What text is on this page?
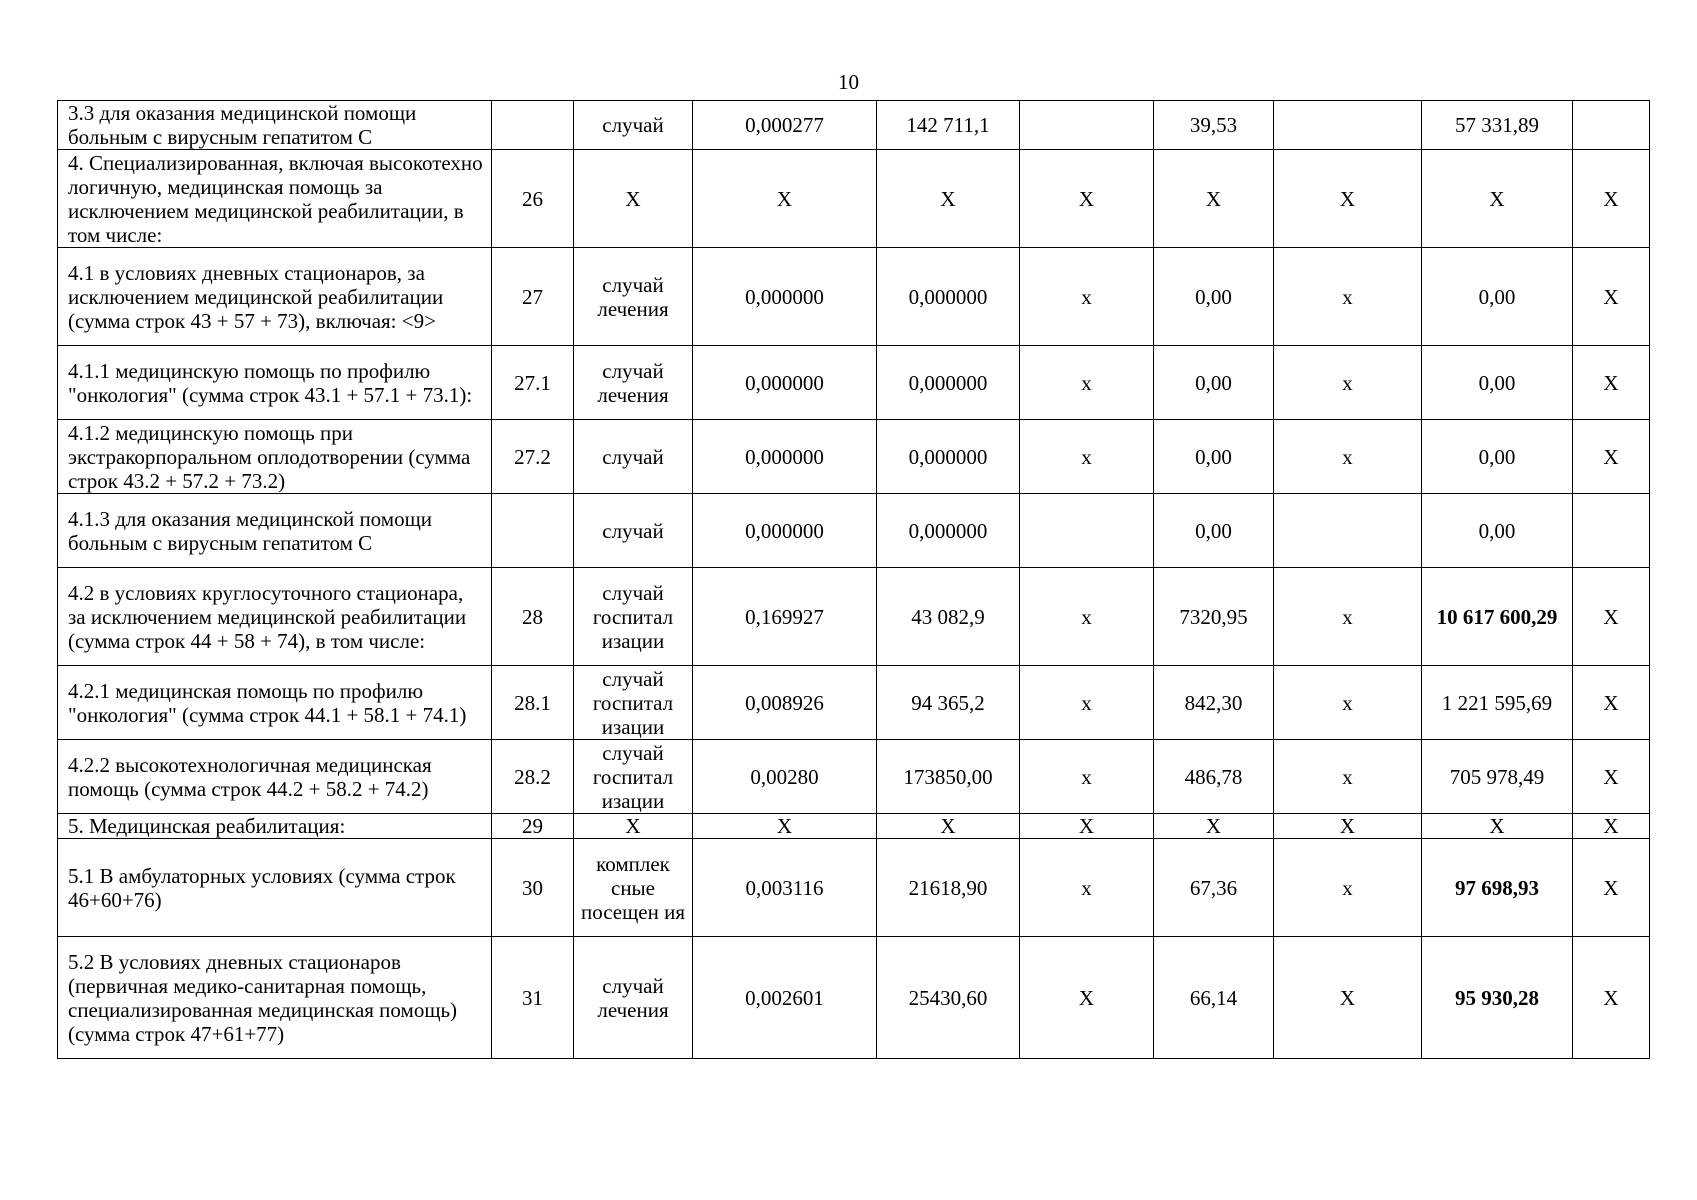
10
3.3 для оказания медицинской помощи больным с вирусным гепатитом С		случай	0,000277	142 711,1		39,53		57 331,89	
4. Специализированная, включая высокотехно логичную, медицинская помощь за исключением медицинской реабилитации, в том числе:	26	X	X	X	X	X	X	X	X
4.1 в условиях дневных стационаров, за исключением медицинской реабилитации (сумма строк 43 + 57 + 73), включая: <9>	27	случай лечения	0,000000	0,000000	х	0,00	х	0,00	X
4.1.1 медицинскую помощь по профилю "онкология" (сумма строк 43.1 + 57.1 + 73.1):	27.1	случай лечения	0,000000	0,000000	х	0,00	х	0,00	X
4.1.2 медицинскую помощь при экстракорпоральном оплодотворении (сумма строк 43.2 + 57.2 + 73.2)	27.2	случай	0,000000	0,000000	х	0,00	х	0,00	X
4.1.3 для оказания медицинской помощи больным с вирусным гепатитом С		случай	0,000000	0,000000		0,00		0,00	
4.2 в условиях круглосуточного стационара, за исключением медицинской реабилитации (сумма строк 44 + 58 + 74), в том числе:	28	случай госпитал изации	0,169927	43 082,9	х	7320,95	х	10 617 600,29	X
4.2.1 медицинская помощь по профилю "онкология" (сумма строк 44.1 + 58.1 + 74.1)	28.1	случай госпитал изации	0,008926	94 365,2	х	842,30	х	1 221 595,69	X
4.2.2 высокотехнологичная медицинская помощь (сумма строк 44.2 + 58.2 + 74.2)	28.2	случай госпитал изации	0,00280	173850,00	х	486,78	х	705 978,49	X
5. Медицинская реабилитация:	29	X	X	X	X	X	X	X	X
5.1 В амбулаторных условиях (сумма строк 46+60+76)	30	комплек сные посещен ия	0,003116	21618,90	х	67,36	х	97 698,93	X
5.2 В условиях дневных стационаров (первичная медико-санитарная помощь, специализированная медицинская помощь) (сумма строк 47+61+77)	31	случай лечения	0,002601	25430,60	X	66,14	X	95 930,28	X
